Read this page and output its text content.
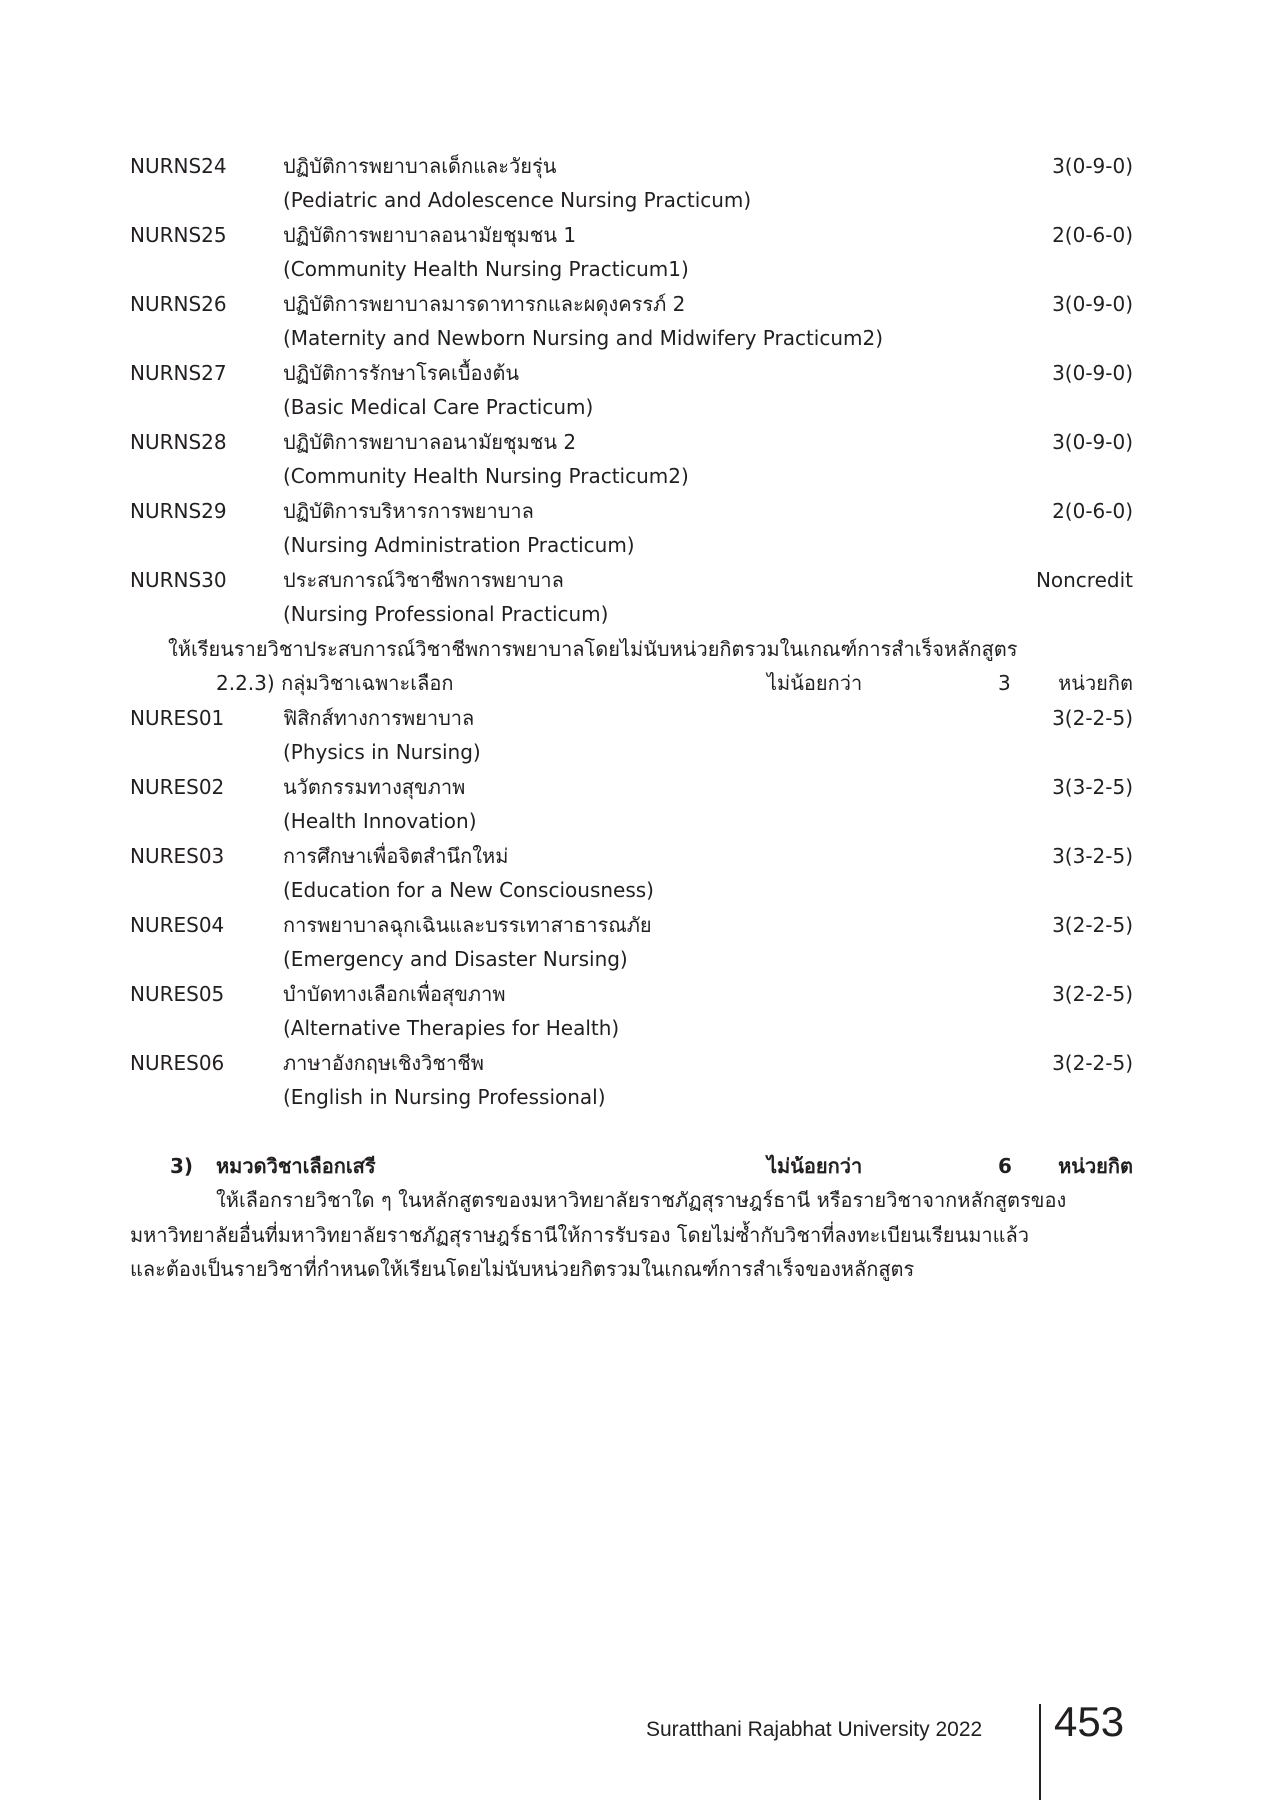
NURNS24	ปฏิบัติการพยาบาลเด็กและวัยรุ่น	3(0-9-0)
(Pediatric and Adolescence Nursing Practicum)
NURNS25	ปฏิบัติการพยาบาลอนามัยชุมชน 1	2(0-6-0)
(Community Health Nursing Practicum1)
NURNS26	ปฏิบัติการพยาบาลมารดาทารกและผดุงครรภ์ 2	3(0-9-0)
(Maternity and Newborn Nursing and Midwifery Practicum2)
NURNS27	ปฏิบัติการรักษาโรคเบื้องต้น	3(0-9-0)
(Basic Medical Care Practicum)
NURNS28	ปฏิบัติการพยาบาลอนามัยชุมชน 2	3(0-9-0)
(Community Health Nursing Practicum2)
NURNS29	ปฏิบัติการบริหารการพยาบาล	2(0-6-0)
(Nursing Administration Practicum)
NURNS30	ประสบการณ์วิชาชีพการพยาบาล	Noncredit
(Nursing Professional Practicum)
ให้เรียนรายวิชาประสบการณ์วิชาชีพการพยาบาลโดยไม่นับหน่วยกิตรวมในเกณฑ์การสำเร็จหลักสูตร
2.2.3) กลุ่มวิชาเฉพาะเลือก	ไม่น้อยกว่า	3 หน่วยกิต
NURES01	ฟิสิกส์ทางการพยาบาล	3(2-2-5)
(Physics in Nursing)
NURES02	นวัตกรรมทางสุขภาพ	3(3-2-5)
(Health Innovation)
NURES03	การศึกษาเพื่อจิตสำนึกใหม่	3(3-2-5)
(Education for a New Consciousness)
NURES04	การพยาบาลฉุกเฉินและบรรเทาสาธารณภัย	3(2-2-5)
(Emergency and Disaster Nursing)
NURES05	บำบัดทางเลือกเพื่อสุขภาพ	3(2-2-5)
(Alternative Therapies for Health)
NURES06	ภาษาอังกฤษเชิงวิชาชีพ	3(2-2-5)
(English in Nursing Professional)
3) หมวดวิชาเลือกเสรี	ไม่น้อยกว่า	6 หน่วยกิต
ให้เลือกรายวิชาใด ๆ ในหลักสูตรของมหาวิทยาลัยราชภัฏสุราษฎร์ธานี หรือรายวิชาจากหลักสูตรของ
มหาวิทยาลัยอื่นที่มหาวิทยาลัยราชภัฏสุราษฎร์ธานีให้การรับรอง โดยไม่ซ้ำกับวิชาที่ลงทะเบียนเรียนมาแล้ว
และต้องเป็นรายวิชาที่กำหนดให้เรียนโดยไม่นับหน่วยกิตรวมในเกณฑ์การสำเร็จของหลักสูตร
Suratthani Rajabhat University 2022 453
